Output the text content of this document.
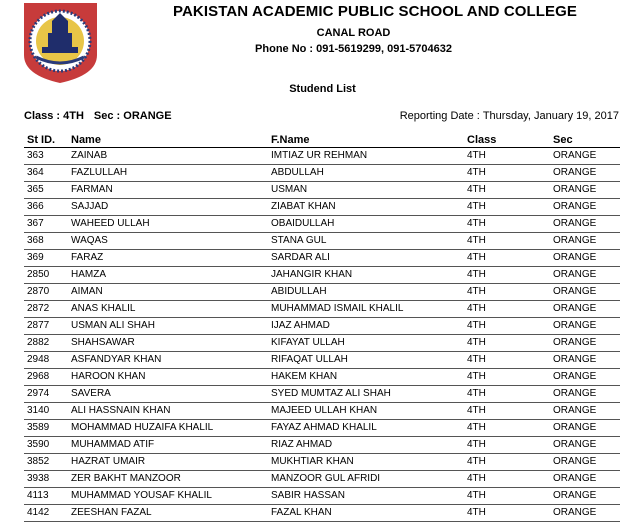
PAKISTAN ACADEMIC PUBLIC SCHOOL AND COLLEGE
CANAL ROAD
Phone No : 091-5619299, 091-5704632
Studend List
Class : 4TH Sec : ORANGE	Reporting Date : Thursday, January 19, 2017
St ID.	Name	F.Name	Class	Sec
363	ZAINAB	IMTIAZ UR REHMAN	4TH	ORANGE
364	FAZLULLAH	ABDULLAH	4TH	ORANGE
365	FARMAN	USMAN	4TH	ORANGE
366	SAJJAD	ZIABAT KHAN	4TH	ORANGE
367	WAHEED ULLAH	OBAIDULLAH	4TH	ORANGE
368	WAQAS	STANA GUL	4TH	ORANGE
369	FARAZ	SARDAR ALI	4TH	ORANGE
2850	HAMZA	JAHANGIR KHAN	4TH	ORANGE
2870	AIMAN	ABIDULLAH	4TH	ORANGE
2872	ANAS KHALIL	MUHAMMAD ISMAIL KHALIL	4TH	ORANGE
2877	USMAN ALI SHAH	IJAZ AHMAD	4TH	ORANGE
2882	SHAHSAWAR	KIFAYAT ULLAH	4TH	ORANGE
2948	ASFANDYAR KHAN	RIFAQAT ULLAH	4TH	ORANGE
2968	HAROON KHAN	HAKEM KHAN	4TH	ORANGE
2974	SAVERA	SYED MUMTAZ ALI SHAH	4TH	ORANGE
3140	ALI HASSNAIN KHAN	MAJEED ULLAH KHAN	4TH	ORANGE
3589	MOHAMMAD HUZAIFA KHALIL	FAYAZ AHMAD KHALIL	4TH	ORANGE
3590	MUHAMMAD ATIF	RIAZ AHMAD	4TH	ORANGE
3852	HAZRAT UMAIR	MUKHTIAR KHAN	4TH	ORANGE
3938	ZER BAKHT MANZOOR	MANZOOR GUL AFRIDI	4TH	ORANGE
4113	MUHAMMAD YOUSAF KHALIL	SABIR HASSAN	4TH	ORANGE
4142	ZEESHAN FAZAL	FAZAL KHAN	4TH	ORANGE
